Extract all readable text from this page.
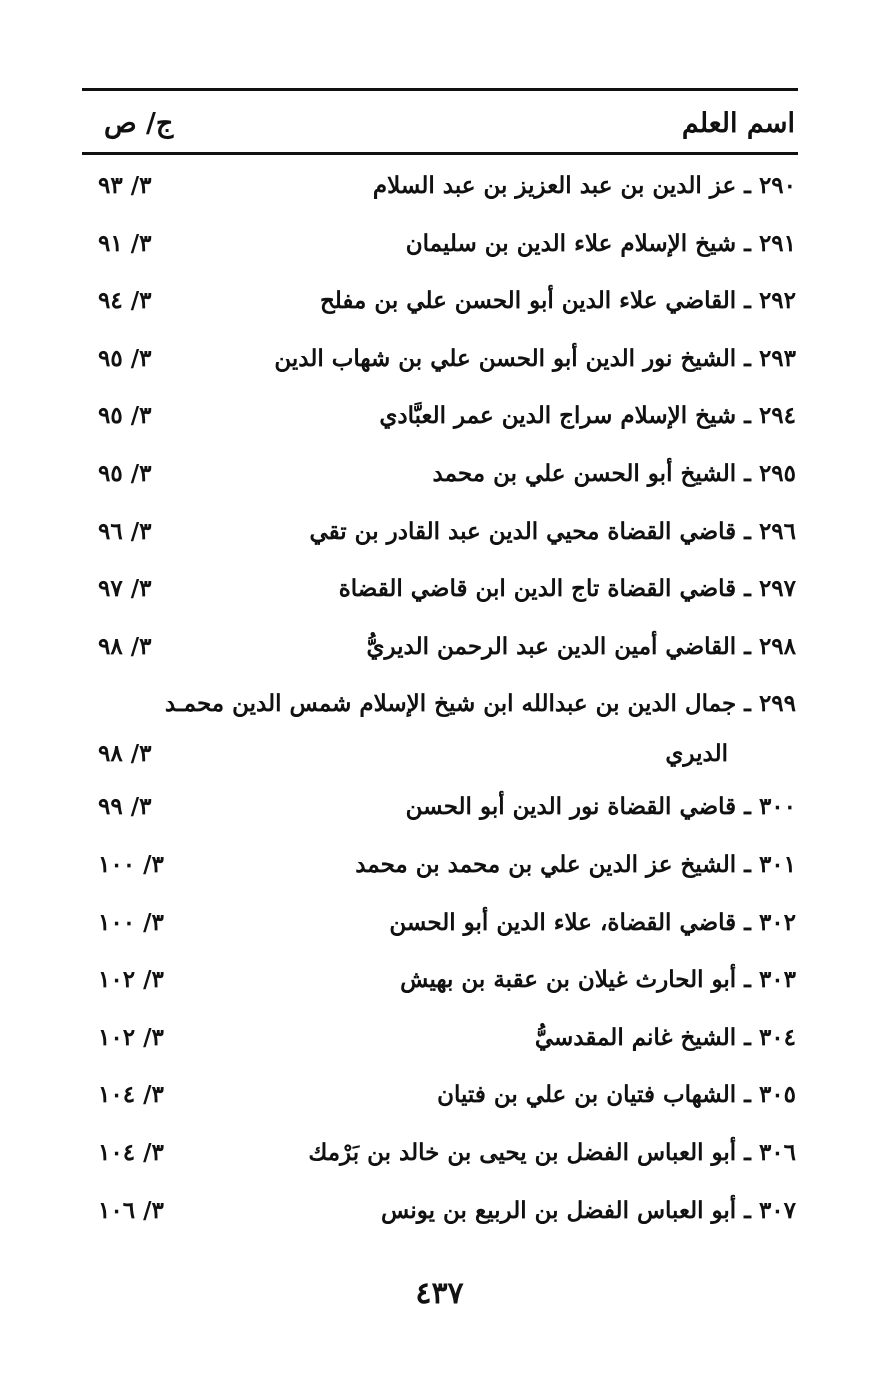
اسم العلم
ج/ ص
٢٩٠ ـ عز الدين بن عبد العزيز بن عبد السلام
٣/ ٩٣
٢٩١ ـ شيخ الإسلام علاء الدين بن سليمان
٣/ ٩١
٢٩٢ ـ القاضي علاء الدين أبو الحسن علي بن مفلح
٣/ ٩٤
٢٩٣ ـ الشيخ نور الدين أبو الحسن علي بن شهاب الدين
٣/ ٩٥
٢٩٤ ـ شيخ الإسلام سراج الدين عمر العبَّادي
٣/ ٩٥
٢٩٥ ـ الشيخ أبو الحسن علي بن محمد
٣/ ٩٥
٢٩٦ ـ قاضي القضاة محيي الدين عبد القادر بن تقي
٣/ ٩٦
٢٩٧ ـ قاضي القضاة تاج الدين ابن قاضي القضاة
٣/ ٩٧
٢٩٨ ـ القاضي أمين الدين عبد الرحمن الديريُّ
٣/ ٩٨
٢٩٩ ـ جمال الدين بن عبدالله ابن شيخ الإسلام شمس الدين محمـد
الديري
٣/ ٩٨
٣٠٠ ـ قاضي القضاة نور الدين أبو الحسن
٣/ ٩٩
٣٠١ ـ الشيخ عز الدين علي بن محمد بن محمد
٣/ ١٠٠
٣٠٢ ـ قاضي القضاة، علاء الدين أبو الحسن
٣/ ١٠٠
٣٠٣ ـ أبو الحارث غيلان بن عقبة بن بهيش
٣/ ١٠٢
٣٠٤ ـ الشيخ غانم المقدسيُّ
٣/ ١٠٢
٣٠٥ ـ الشهاب فتيان بن علي بن فتيان
٣/ ١٠٤
٣٠٦ ـ أبو العباس الفضل بن يحيى بن خالد بن بَرْمك
٣/ ١٠٤
٣٠٧ ـ أبو العباس الفضل بن الربيع بن يونس
٣/ ١٠٦
٤٣٧
